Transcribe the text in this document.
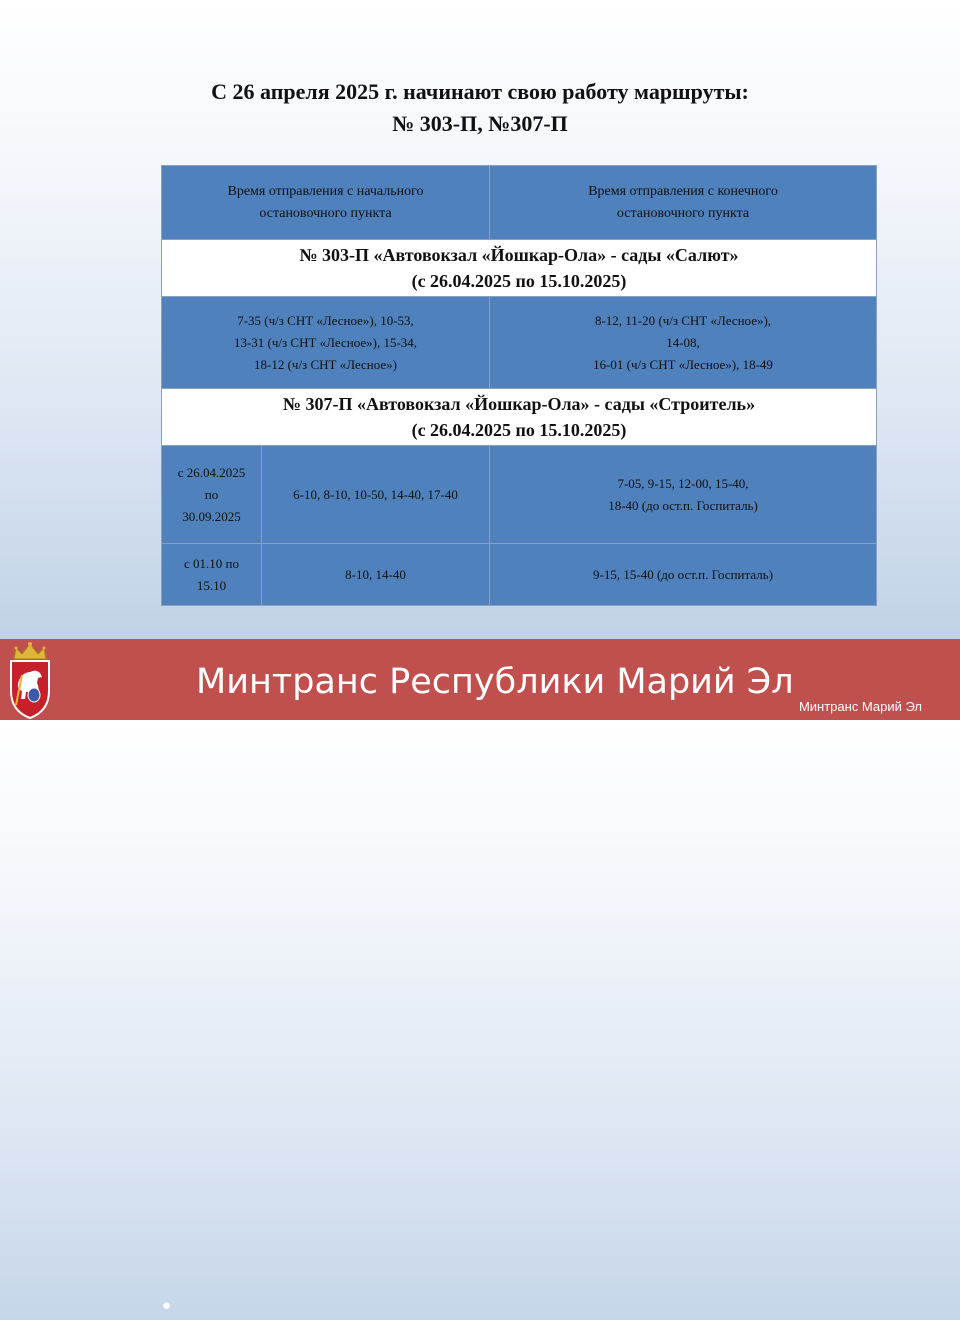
С 26 апреля 2025 г. начинают свою работу маршруты:
№ 303-П, №307-П
Время отправления с начального
остановочного пункта		Время отправления с конечного
остановочного пункта

№ 303-П «Автовокзал «Йошкар-Ола» - сады «Салют»
(с 26.04.2025 по 15.10.2025)		

7-35 (ч/з СНТ «Лесное»), 10-53,
13-31 (ч/з СНТ «Лесное»), 15-34,
18-12 (ч/з СНТ «Лесное»)		8-12, 11-20 (ч/з СНТ «Лесное»),
14-08,
16-01 (ч/з СНТ «Лесное»), 18-49

№ 307-П «Автовокзал «Йошкар-Ола» - сады «Строитель»
(с 26.04.2025 по 15.10.2025)		

с 26.04.2025
по
30.09.2025	6-10, 8-10, 10-50, 14-40, 17-40	7-05, 9-15, 12-00, 15-40,
18-40 (до ост.п. Госпиталь)

с 01.10 по
15.10	8-10, 14-40	9-15, 15-40 (до ост.п. Госпиталь)
•
Минтранс Республики Марий Эл
Минтранс Марий Эл
